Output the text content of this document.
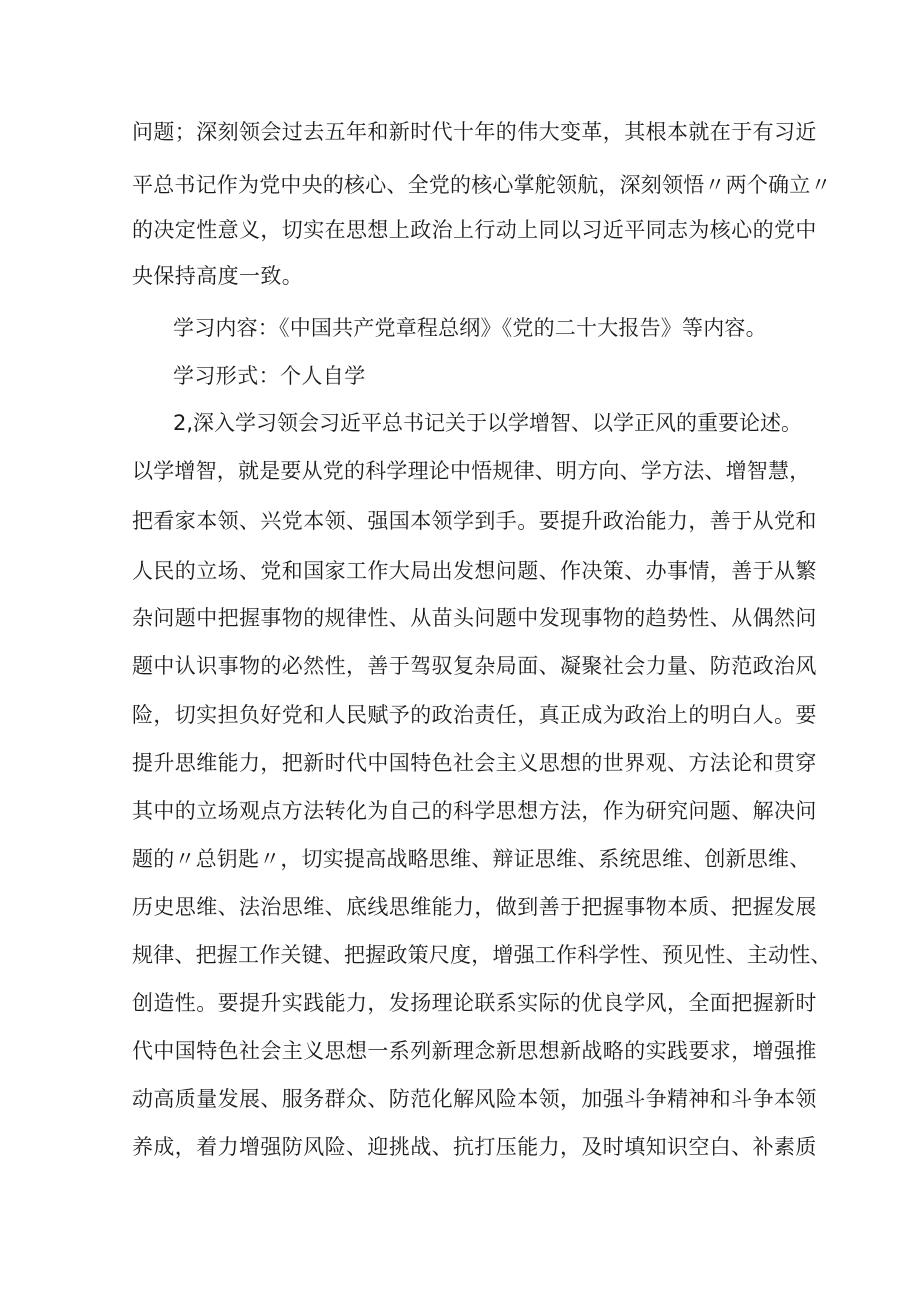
问题；深刻领会过去五年和新时代十年的伟大变革，其根本就在于有习近
平总书记作为党中央的核心、全党的核心掌舵领航，深刻领悟〃两个确立〃
的决定性意义，切实在思想上政治上行动上同以习近平同志为核心的党中
央保持高度一致。
学习内容：《中国共产党章程总纲》《党的二十大报告》等内容。
学习形式：个人自学
2,深入学习领会习近平总书记关于以学增智、以学正风的重要论述。
以学增智，就是要从党的科学理论中悟规律、明方向、学方法、增智慧，
把看家本领、兴党本领、强国本领学到手。要提升政治能力，善于从党和
人民的立场、党和国家工作大局出发想问题、作决策、办事情，善于从繁
杂问题中把握事物的规律性、从苗头问题中发现事物的趋势性、从偶然问
题中认识事物的必然性，善于驾驭复杂局面、凝聚社会力量、防范政治风
险，切实担负好党和人民赋予的政治责任，真正成为政治上的明白人。要
提升思维能力，把新时代中国特色社会主义思想的世界观、方法论和贯穿
其中的立场观点方法转化为自己的科学思想方法，作为研究问题、解决问
题的〃总钥匙〃，切实提高战略思维、辩证思维、系统思维、创新思维、
历史思维、法治思维、底线思维能力，做到善于把握事物本质、把握发展
规律、把握工作关键、把握政策尺度，增强工作科学性、预见性、主动性、
创造性。要提升实践能力，发扬理论联系实际的优良学风，全面把握新时
代中国特色社会主义思想一系列新理念新思想新战略的实践要求，增强推
动高质量发展、服务群众、防范化解风险本领，加强斗争精神和斗争本领
养成，着力增强防风险、迎挑战、抗打压能力，及时填知识空白、补素质
